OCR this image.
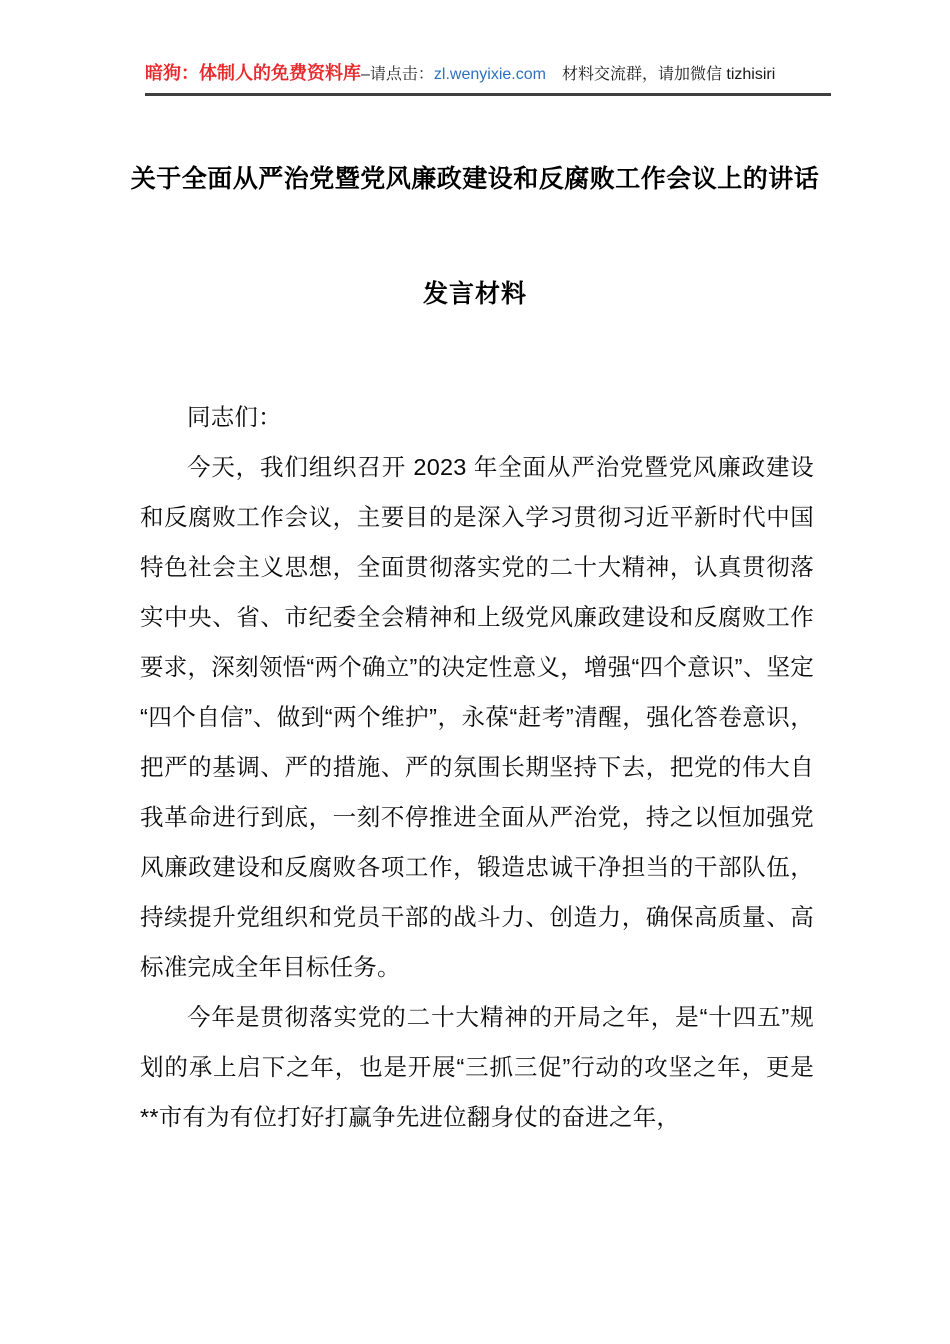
暗狗：体制人的免费资料库–请点击：zl.wenyixie.com 材料交流群，请加微信 tizhisiri
关于全面从严治党暨党风廉政建设和反腐败工作会议上的讲话
发言材料

同志们：

今天，我们组织召开 2023 年全面从严治党暨党风廉政建设和反腐败工作会议，主要目的是深入学习贯彻习近平新时代中国特色社会主义思想，全面贯彻落实党的二十大精神，认真贯彻落实中央、省、市纪委全会精神和上级党风廉政建设和反腐败工作要求，深刻领悟“两个确立”的决定性意义，增强“四个意识”、坚定“四个自信”、做到“两个维护”，永葆“赶考”清醒，强化答卷意识，把严的基调、严的措施、严的氛围长期坚持下去，把党的伟大自我革命进行到底，一刻不停推进全面从严治党，持之以恒加强党风廉政建设和反腐败各项工作，锻造忠诚干净担当的干部队伍，持续提升党组织和党员干部的战斗力、创造力，确保高质量、高标准完成全年目标任务。

今年是贯彻落实党的二十大精神的开局之年，是“十四五”规划的承上启下之年，也是开展“三抓三促”行动的攻坚之年，更是**市有为有位打好打赢争先进位翻身仗的奋进之年，
